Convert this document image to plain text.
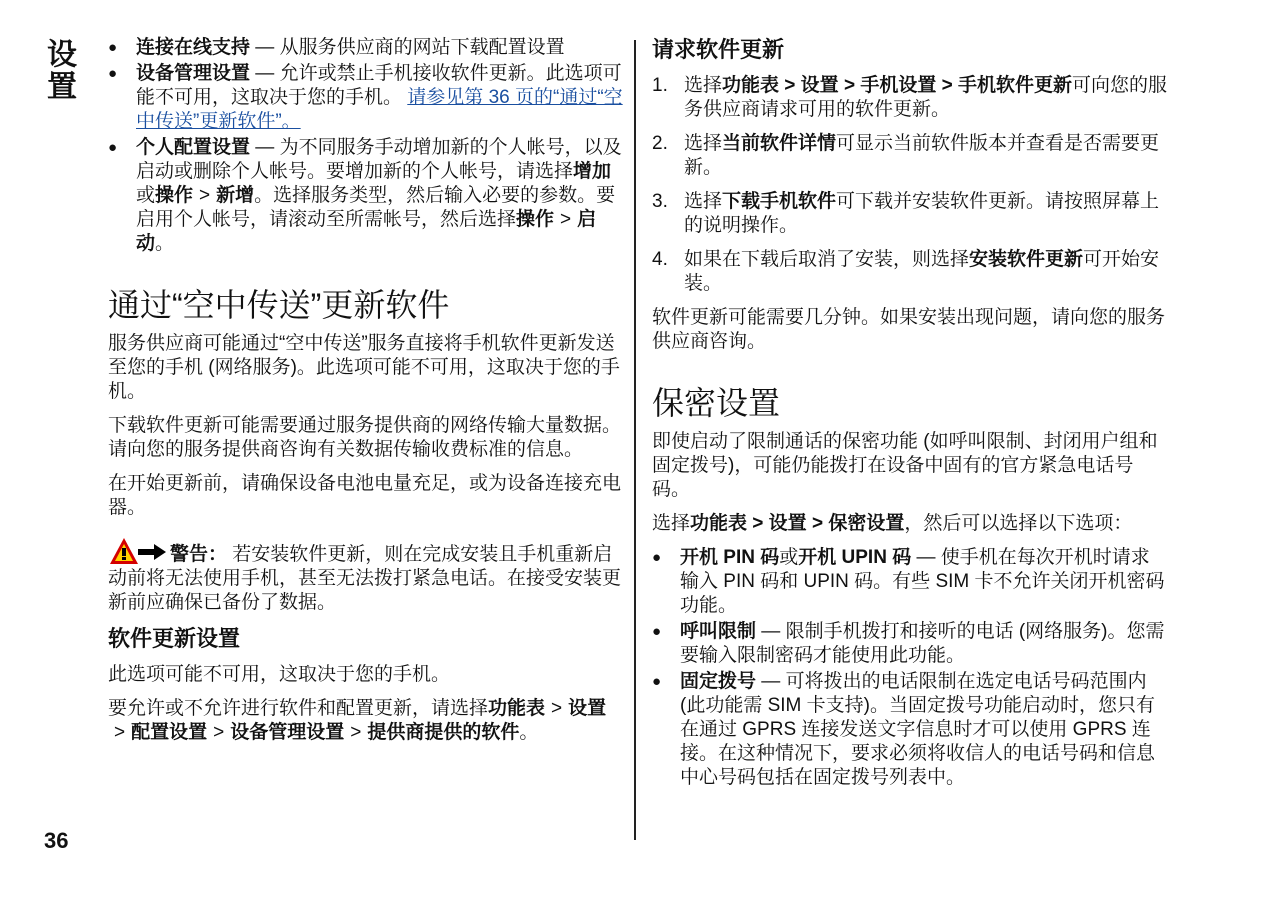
设置
36
● 连接在线支持 — 从服务供应商的网站下载配置设置
● 设备管理设置 — 允许或禁止手机接收软件更新。此选项可能不可用，这取决于您的手机。 请参见第 36 页的“通过“空中传送”更新软件”。
● 个人配置设置 — 为不同服务手动增加新的个人帐号，以及启动或删除个人帐号。要增加新的个人帐号，请选择增加或操作 > 新增。选择服务类型，然后输入必要的参数。要启用个人帐号，请滚动至所需帐号，然后选择操作 > 启动。
通过“空中传送”更新软件

服务供应商可能通过“空中传送”服务直接将手机软件更新发送至您的手机 (网络服务)。此选项可能不可用，这取决于您的手机。

下载软件更新可能需要通过服务提供商的网络传输大量数据。请向您的服务提供商咨询有关数据传输收费标准的信息。

在开始更新前，请确保设备电池电量充足，或为设备连接充电器。

警告： 若安装软件更新，则在完成安装且手机重新启动前将无法使用手机，甚至无法拨打紧急电话。在接受安装更新前应确保已备份了数据。
软件更新设置

此选项可能不可用，这取决于您的手机。

要允许或不允许进行软件和配置更新，请选择功能表 > 设置> 配置设置 > 设备管理设置 > 提供商提供的软件。

请求软件更新
1. 选择功能表 > 设置 > 手机设置 > 手机软件更新可向您的服务供应商请求可用的软件更新。
2. 选择当前软件详情可显示当前软件版本并查看是否需要更新。
3. 选择下载手机软件可下载并安装软件更新。请按照屏幕上的说明操作。
4. 如果在下载后取消了安装，则选择安装软件更新可开始安装。

软件更新可能需要几分钟。如果安装出现问题，请向您的服务供应商咨询。

保密设置

即使启动了限制通话的保密功能 (如呼叫限制、封闭用户组和固定拨号)，可能仍能拨打在设备中固有的官方紧急电话号码。

选择功能表 > 设置 > 保密设置，然后可以选择以下选项：

● 开机 PIN 码或开机 UPIN 码 — 使手机在每次开机时请求输入 PIN 码和 UPIN 码。有些 SIM 卡不允许关闭开机密码功能。
● 呼叫限制 — 限制手机拨打和接听的电话 (网络服务)。您需要输入限制密码才能使用此功能。
● 固定拨号 — 可将拨出的电话限制在选定电话号码范围内 (此功能需 SIM 卡支持)。当固定拨号功能启动时，您只有在通过 GPRS 连接发送文字信息时才可以使用 GPRS 连接。在这种情况下，要求必须将收信人的电话号码和信息中心号码包括在固定拨号列表中。
